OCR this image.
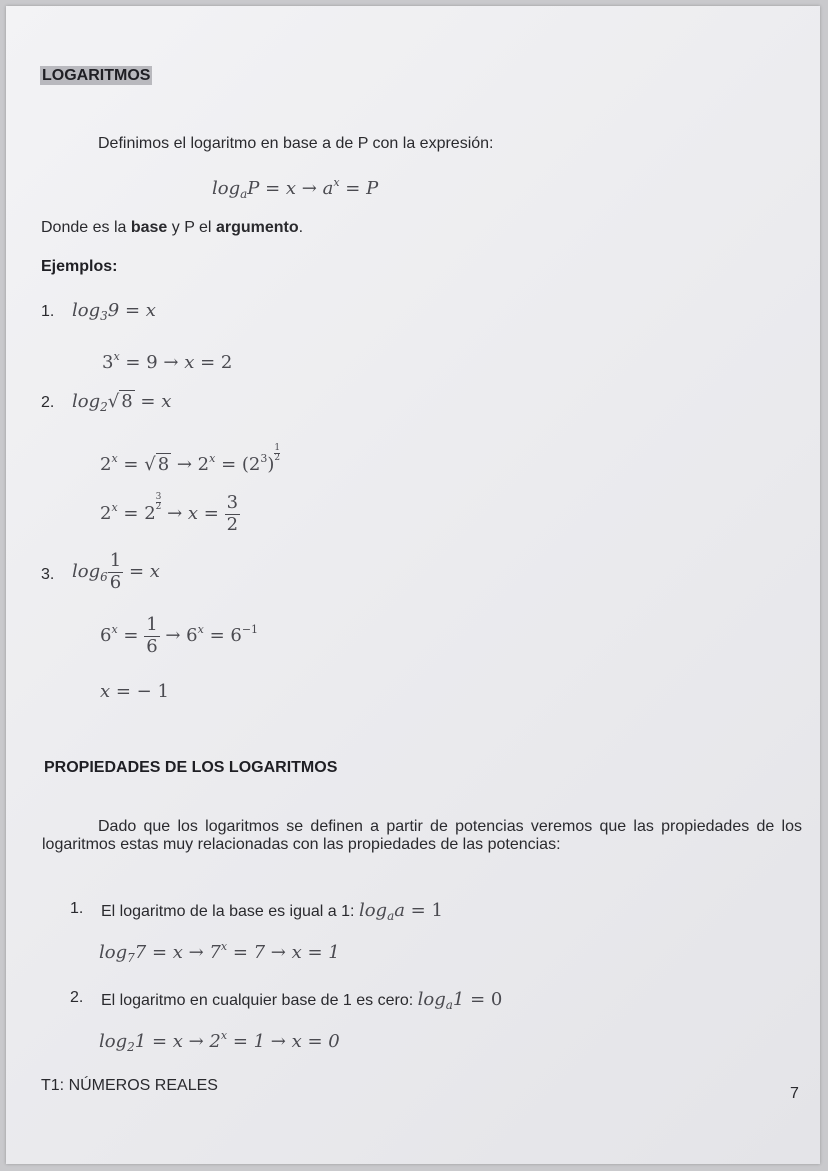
LOGARITMOS
Definimos el logaritmo en base a de P con la expresión:
$\log_aP = x \to a^x = P$
Donde es la base y P el argumento.
Ejemplos:
1. $\log_39 = x$
$3^x = 9 \to x = 2$
2. $\log_2√$ 8 = x
$2^x$ = √ $8 \to 2^x = (2^3)$
$\frac{1}{2}$
$2^x = 2$
$\frac{3}{2}$
→ $x = \frac{3}{2}$
3. $\log_6 \frac{1}{6} = x$
$6^x = \frac{1}{6} \to 6^x = 6^{-1}$
x = − 1
PROPIEDADES DE LOS LOGARITMOS
Dado que los logaritmos se definen a partir de potencias veremos que las propiedades de los logaritmos estas muy relacionadas con las propiedades de las potencias:
1. El logaritmo de la base es igual a 1: $\log_aa = 1$
$\log_77 = x \to 7^x = 7 \to x = 1$
2. El logaritmo en cualquier base de 1 es cero: $\log_a1 = 0$
$\log_21 = x \to 2^x = 1 \to x = 0$
T1: NÚMEROS REALES	7
